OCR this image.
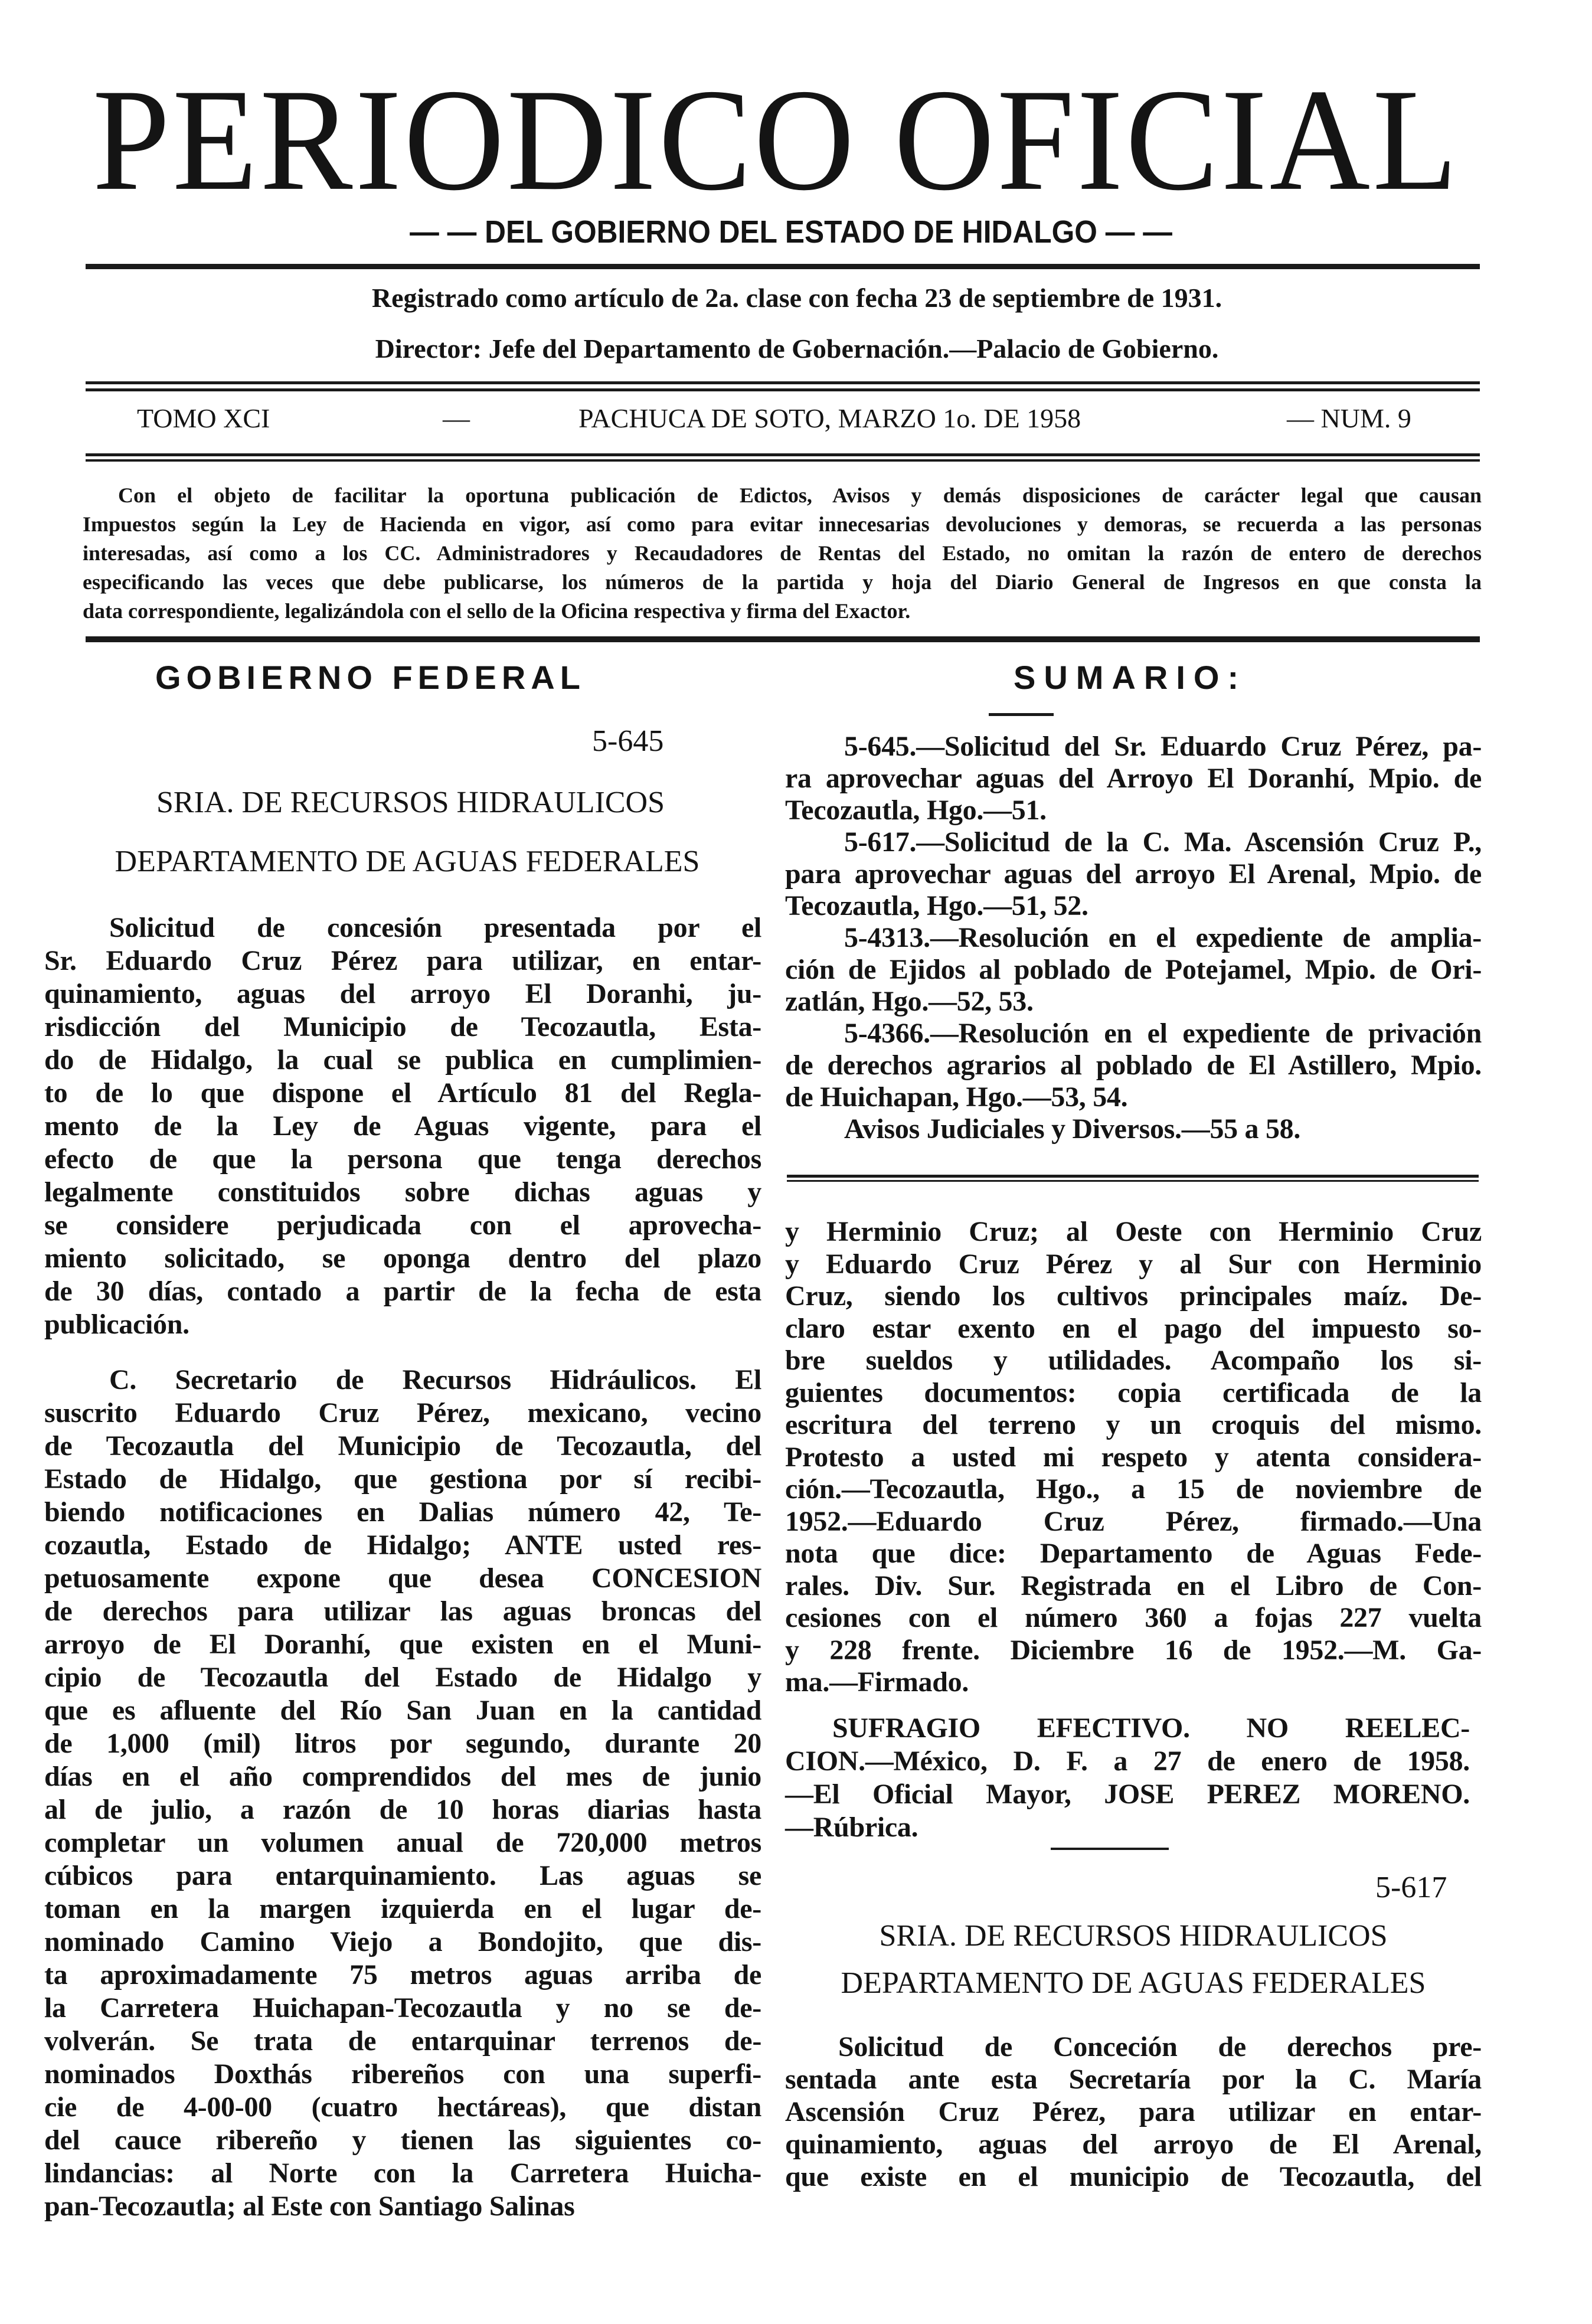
PERIODICO OFICIAL
— — DEL GOBIERNO DEL ESTADO DE HIDALGO — —
Registrado como artículo de 2a. clase con fecha 23 de septiembre de 1931.
Director: Jefe del Departamento de Gobernación.—Palacio de Gobierno.
TOMO XCI	—	PACHUCA DE SOTO, MARZO 1o. DE 1958	— NUM. 9
Con el objeto de facilitar la oportuna publicación de Edictos, Avisos y demás disposiciones de carácter legal que causan
Impuestos según la Ley de Hacienda en vigor, así como para evitar innecesarias devoluciones y demoras, se recuerda a las personas
interesadas, así como a los CC. Administradores y Recaudadores de Rentas del Estado, no omitan la razón de entero de derechos
especificando las veces que debe publicarse, los números de la partida y hoja del Diario General de Ingresos en que consta la
data correspondiente, legalizándola con el sello de la Oficina respectiva y firma del Exactor.
GOBIERNO FEDERAL
5-645
SRIA. DE RECURSOS HIDRAULICOS
DEPARTAMENTO DE AGUAS FEDERALES
Solicitud de concesión presentada por el
Sr. Eduardo Cruz Pérez para utilizar, en entar-
quinamiento, aguas del arroyo El Doranhi, ju-
risdicción del Municipio de Tecozautla, Esta-
do de Hidalgo, la cual se publica en cumplimien-
to de lo que dispone el Artículo 81 del Regla-
mento de la Ley de Aguas vigente, para el
efecto de que la persona que tenga derechos
legalmente constituidos sobre dichas aguas y
se considere perjudicada con el aprovecha-
miento solicitado, se oponga dentro del plazo
de 30 días, contado a partir de la fecha de esta
publicación.
C. Secretario de Recursos Hidráulicos. El
suscrito Eduardo Cruz Pérez, mexicano, vecino
de Tecozautla del Municipio de Tecozautla, del
Estado de Hidalgo, que gestiona por sí recibi-
biendo notificaciones en Dalias número 42, Te-
cozautla, Estado de Hidalgo; ANTE usted res-
petuosamente expone que desea CONCESION
de derechos para utilizar las aguas broncas del
arroyo de El Doranhí, que existen en el Muni-
cipio de Tecozautla del Estado de Hidalgo y
que es afluente del Río San Juan en la cantidad
de 1,000 (mil) litros por segundo, durante 20
días en el año comprendidos del mes de junio
al de julio, a razón de 10 horas diarias hasta
completar un volumen anual de 720,000 metros
cúbicos para entarquinamiento. Las aguas se
toman en la margen izquierda en el lugar de-
nominado Camino Viejo a Bondojito, que dis-
ta aproximadamente 75 metros aguas arriba de
la Carretera Huichapan-Tecozautla y no se de-
volverán. Se trata de entarquinar terrenos de-
nominados Doxthás ribereños con una superfi-
cie de 4-00-00 (cuatro hectáreas), que distan
del cauce ribereño y tienen las siguientes co-
lindancias: al Norte con la Carretera Huicha-
pan-Tecozautla; al Este con Santiago Salinas
SUMARIO:
5-645.—Solicitud del Sr. Eduardo Cruz Pérez, pa-
ra aprovechar aguas del Arroyo El Doranhí, Mpio. de
Tecozautla, Hgo.—51.
5-617.—Solicitud de la C. Ma. Ascensión Cruz P.,
para aprovechar aguas del arroyo El Arenal, Mpio. de
Tecozautla, Hgo.—51, 52.
5-4313.—Resolución en el expediente de amplia-
ción de Ejidos al poblado de Potejamel, Mpio. de Ori-
zatlán, Hgo.—52, 53.
5-4366.—Resolución en el expediente de privación
de derechos agrarios al poblado de El Astillero, Mpio.
de Huichapan, Hgo.—53, 54.
Avisos Judiciales y Diversos.—55 a 58.
y Herminio Cruz; al Oeste con Herminio Cruz
y Eduardo Cruz Pérez y al Sur con Herminio
Cruz, siendo los cultivos principales maíz. De-
claro estar exento en el pago del impuesto so-
bre sueldos y utilidades. Acompaño los si-
guientes documentos: copia certificada de la
escritura del terreno y un croquis del mismo.
Protesto a usted mi respeto y atenta considera-
ción.—Tecozautla, Hgo., a 15 de noviembre de
1952.—Eduardo Cruz Pérez, firmado.—Una
nota que dice: Departamento de Aguas Fede-
rales. Div. Sur. Registrada en el Libro de Con-
cesiones con el número 360 a fojas 227 vuelta
y 228 frente. Diciembre 16 de 1952.—M. Ga-
ma.—Firmado.
SUFRAGIO EFECTIVO. NO REELEC-
CION.—México, D. F. a 27 de enero de 1958.
—El Oficial Mayor, JOSE PEREZ MORENO.
—Rúbrica.
5-617
SRIA. DE RECURSOS HIDRAULICOS
DEPARTAMENTO DE AGUAS FEDERALES
Solicitud de Conceción de derechos pre-
sentada ante esta Secretaría por la C. María
Ascensión Cruz Pérez, para utilizar en entar-
quinamiento, aguas del arroyo de El Arenal,
que existe en el municipio de Tecozautla, del
